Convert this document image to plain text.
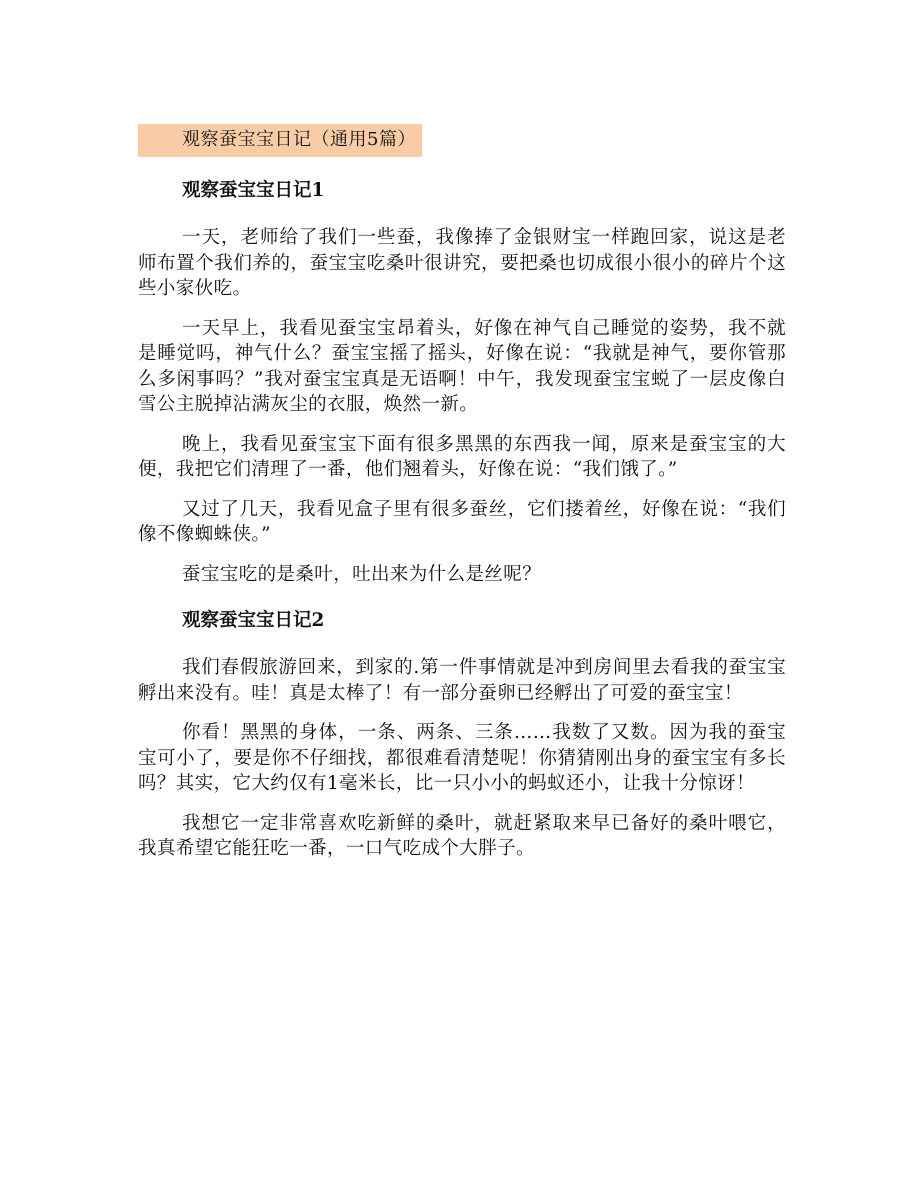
观察蚕宝宝日记（通用5篇）
观察蚕宝宝日记1

一天，老师给了我们一些蚕，我像捧了金银财宝一样跑回家，说这是老师布置个我们养的，蚕宝宝吃桑叶很讲究，要把桑也切成很小很小的碎片个这些小家伙吃。

一天早上，我看见蚕宝宝昂着头，好像在神气自己睡觉的姿势，我不就是睡觉吗，神气什么？蚕宝宝摇了摇头，好像在说：“我就是神气，要你管那么多闲事吗？”我对蚕宝宝真是无语啊！中午，我发现蚕宝宝蜕了一层皮像白雪公主脱掉沾满灰尘的衣服，焕然一新。

晚上，我看见蚕宝宝下面有很多黑黑的东西我一闻，原来是蚕宝宝的大便，我把它们清理了一番，他们翘着头，好像在说：“我们饿了。”

又过了几天，我看见盒子里有很多蚕丝，它们搂着丝，好像在说：“我们像不像蜘蛛侠。”

蚕宝宝吃的是桑叶，吐出来为什么是丝呢？

观察蚕宝宝日记2

我们春假旅游回来，到家的.第一件事情就是冲到房间里去看我的蚕宝宝孵出来没有。哇！真是太棒了！有一部分蚕卵已经孵出了可爱的蚕宝宝！

你看！黑黑的身体，一条、两条、三条……我数了又数。因为我的蚕宝宝可小了，要是你不仔细找，都很难看清楚呢！你猜猜刚出身的蚕宝宝有多长吗？其实，它大约仅有1毫米长，比一只小小的蚂蚁还小，让我十分惊讶！

我想它一定非常喜欢吃新鲜的桑叶，就赶紧取来早已备好的桑叶喂它，我真希望它能狂吃一番，一口气吃成个大胖子。
